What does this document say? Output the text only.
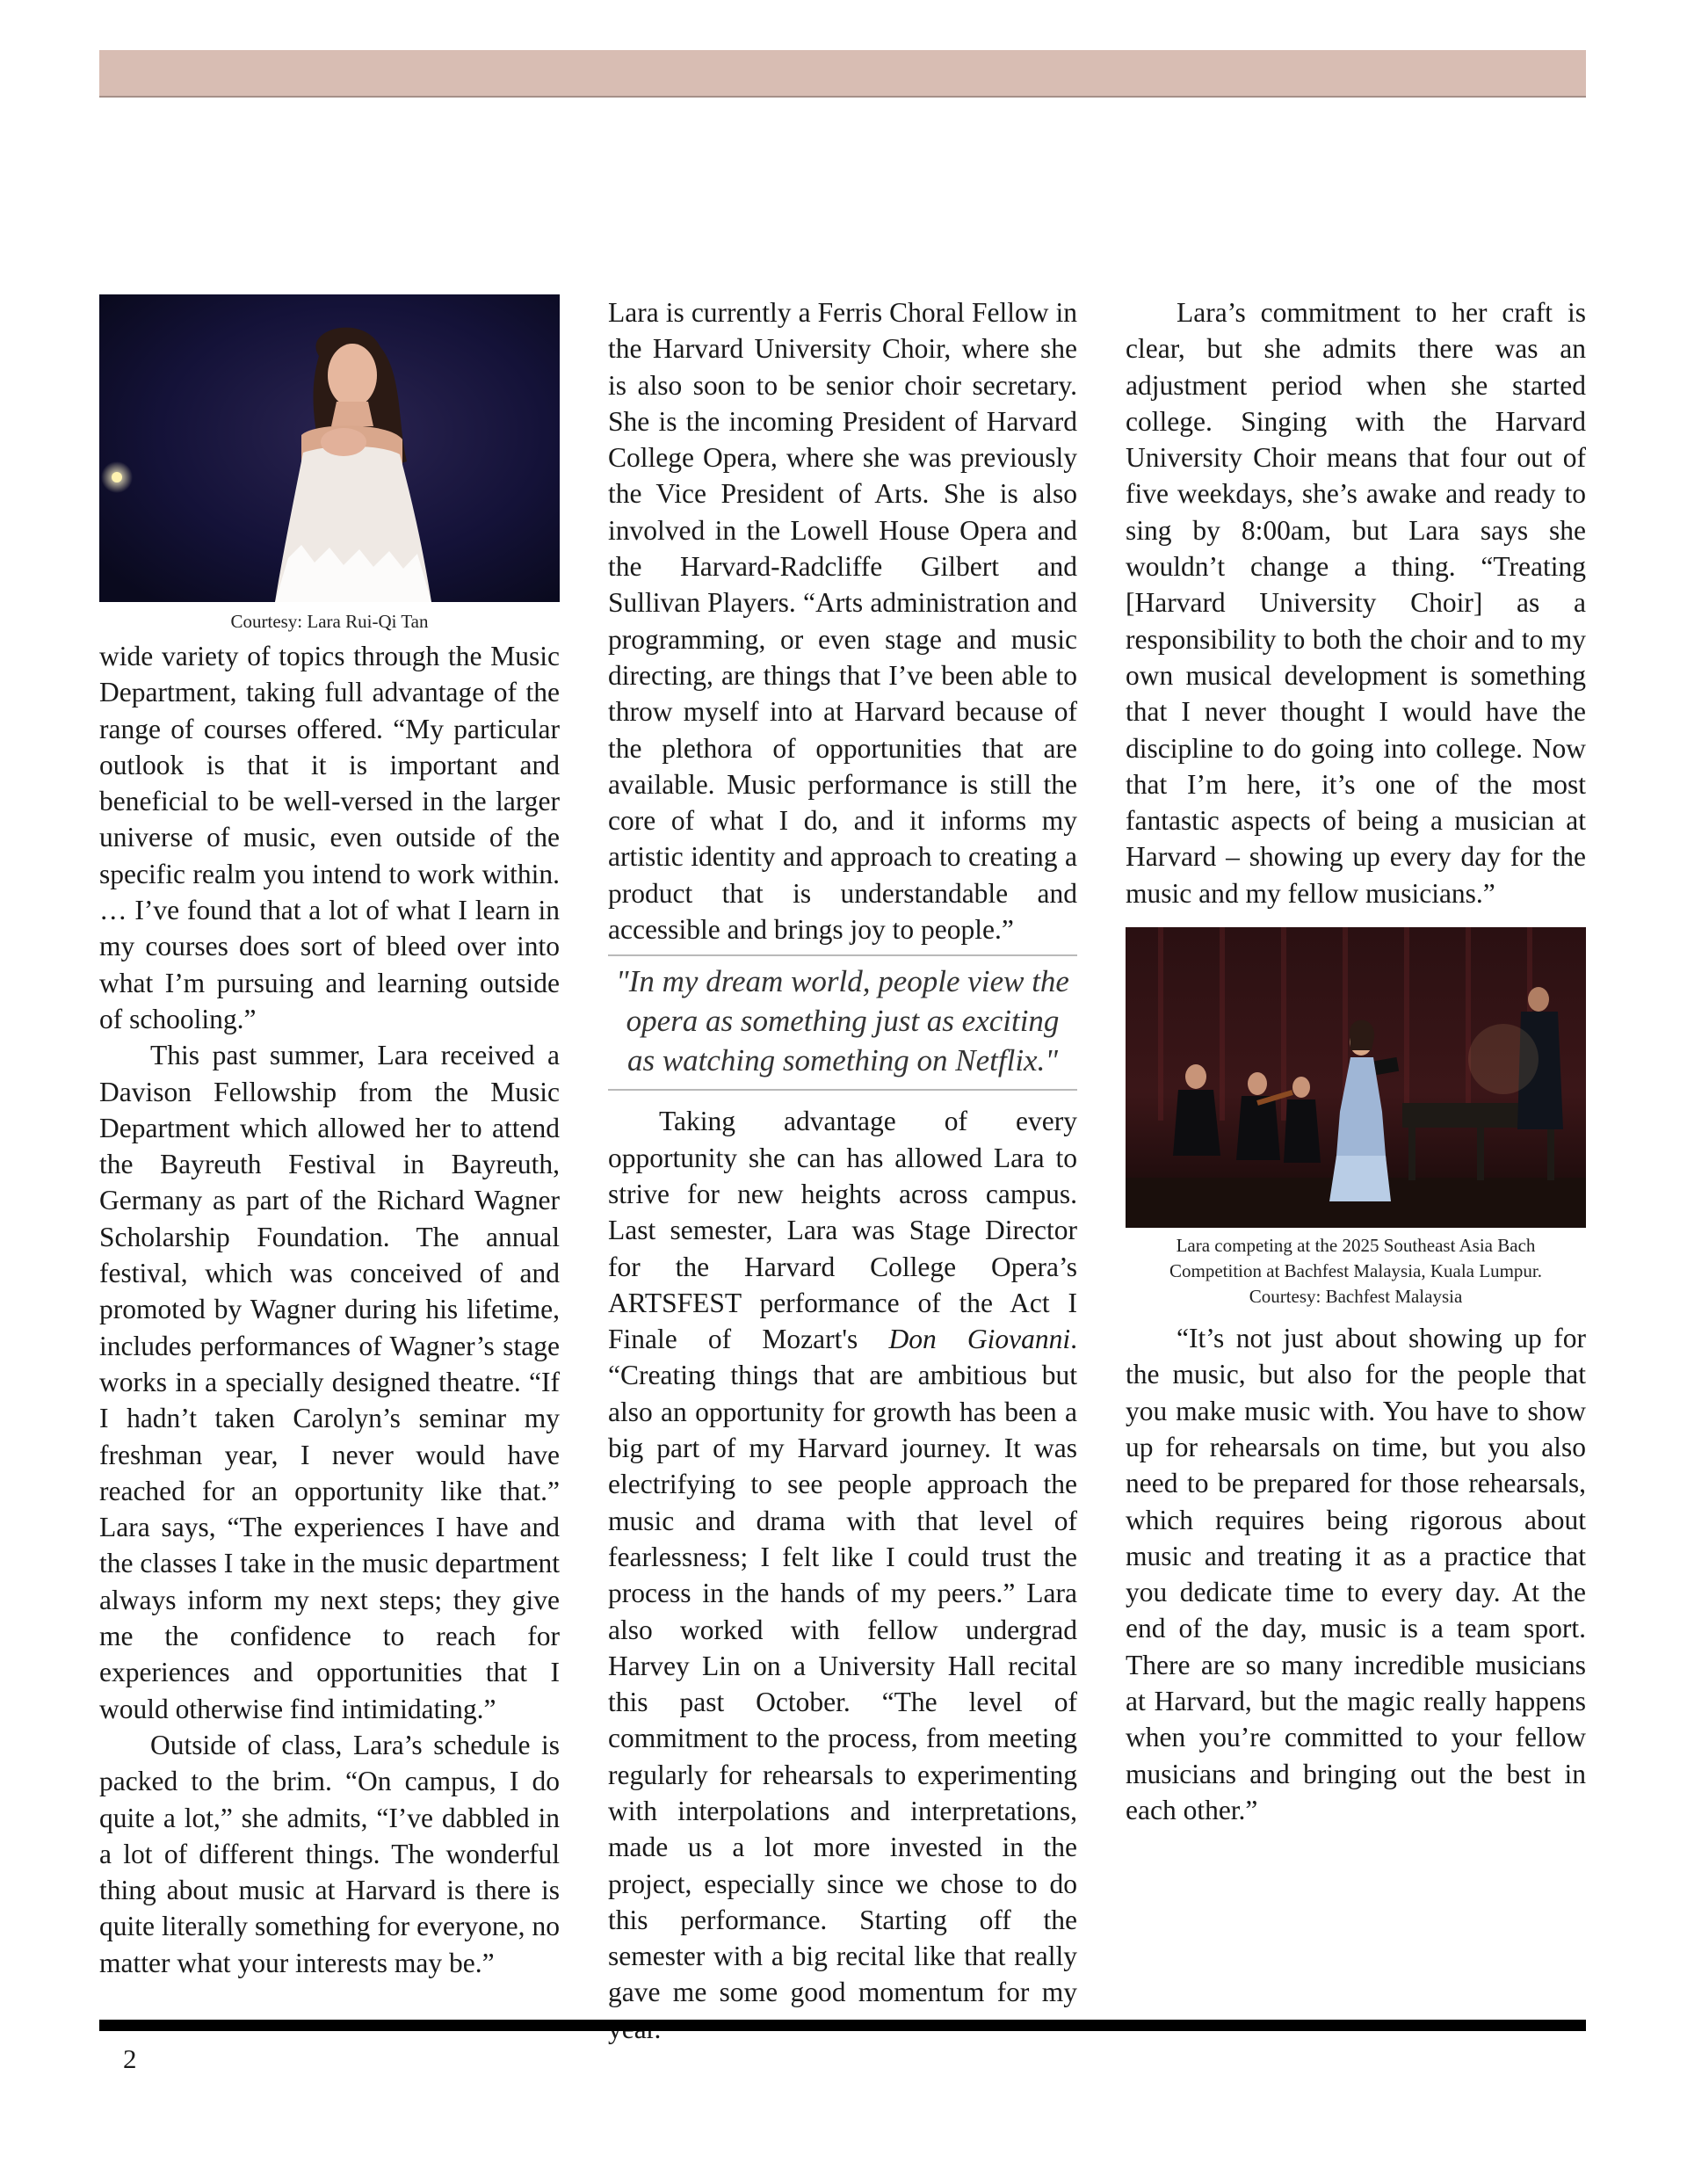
Courtesy: Lara Rui-Qi Tan

wide variety of topics through the Music Department, taking full advantage of the range of courses offered. “My particular outlook is that it is important and beneficial to be well-versed in the larger universe of music, even outside of the specific realm you intend to work within. … I’ve found that a lot of what I learn in my courses does sort of bleed over into what I’m pursuing and learning outside of schooling.”

This past summer, Lara received a Davison Fellowship from the Music Department which allowed her to attend the Bayreuth Festival in Bayreuth, Germany as part of the Richard Wagner Scholarship Foundation. The annual festival, which was conceived of and promoted by Wagner during his lifetime, includes performances of Wagner’s stage works in a specially designed theatre. “If I hadn’t taken Carolyn’s seminar my freshman year, I never would have reached for an opportunity like that.” Lara says, “The experiences I have and the classes I take in the music department always inform my next steps; they give me the confidence to reach for experiences and opportunities that I would otherwise find intimidating.”

Outside of class, Lara’s schedule is packed to the brim. “On campus, I do quite a lot,” she admits, “I’ve dabbled in a lot of different things. The wonderful thing about music at Harvard is there is quite literally something for everyone, no matter what your interests may be.”

Lara is currently a Ferris Choral Fellow in the Harvard University Choir, where she is also soon to be senior choir secretary. She is the incoming President of Harvard College Opera, where she was previously the Vice President of Arts. She is also involved in the Lowell House Opera and the Harvard-Radcliffe Gilbert and Sullivan Players. “Arts administration and programming, or even stage and music directing, are things that I’ve been able to throw myself into at Harvard because of the plethora of opportunities that are available. Music performance is still the core of what I do, and it informs my artistic identity and approach to creating a product that is understandable and accessible and brings joy to people.”

"In my dream world, people view the opera as something just as exciting as watching something on Netflix."

Taking advantage of every opportunity she can has allowed Lara to strive for new heights across campus. Last semester, Lara was Stage Director for the Harvard College Opera’s ARTSFEST performance of the Act I Finale of Mozart's Don Giovanni. “Creating things that are ambitious but also an opportunity for growth has been a big part of my Harvard journey. It was electrifying to see people approach the music and drama with that level of fearlessness; I felt like I could trust the process in the hands of my peers.” Lara also worked with fellow undergrad Harvey Lin on a University Hall recital this past October. “The level of commitment to the process, from meeting regularly for rehearsals to experimenting with interpolations and interpretations, made us a lot more invested in the project, especially since we chose to do this performance. Starting off the semester with a big recital like that really gave me some good momentum for my

Lara’s commitment to her craft is clear, but she admits there was an adjustment period when she started college. Singing with the Harvard University Choir means that four out of five weekdays, she’s awake and ready to sing by 8:00am, but Lara says she wouldn’t change a thing. “Treating [Harvard University Choir] as a responsibility to both the choir and to my own musical development is something that I never thought I would have the discipline to do going into college. Now that I’m here, it’s one of the most fantastic aspects of being a musician at Harvard – showing up every day for the music and my fellow musicians.”

Lara competing at the 2025 Southeast Asia Bach
Competition at Bachfest Malaysia, Kuala Lumpur.
Courtesy: Bachfest Malaysia

“It’s not just about showing up for the music, but also for the people that you make music with. You have to show up for rehearsals on time, but you also need to be prepared for those rehearsals, which requires being rigorous about music and treating it as a practice that you dedicate time to every day. At the end of the day, music is a team sport. There are so many incredible musicians at Harvard, but the magic really happens when you’re committed to your fellow musicians and bringing out the best in each other.”

2
